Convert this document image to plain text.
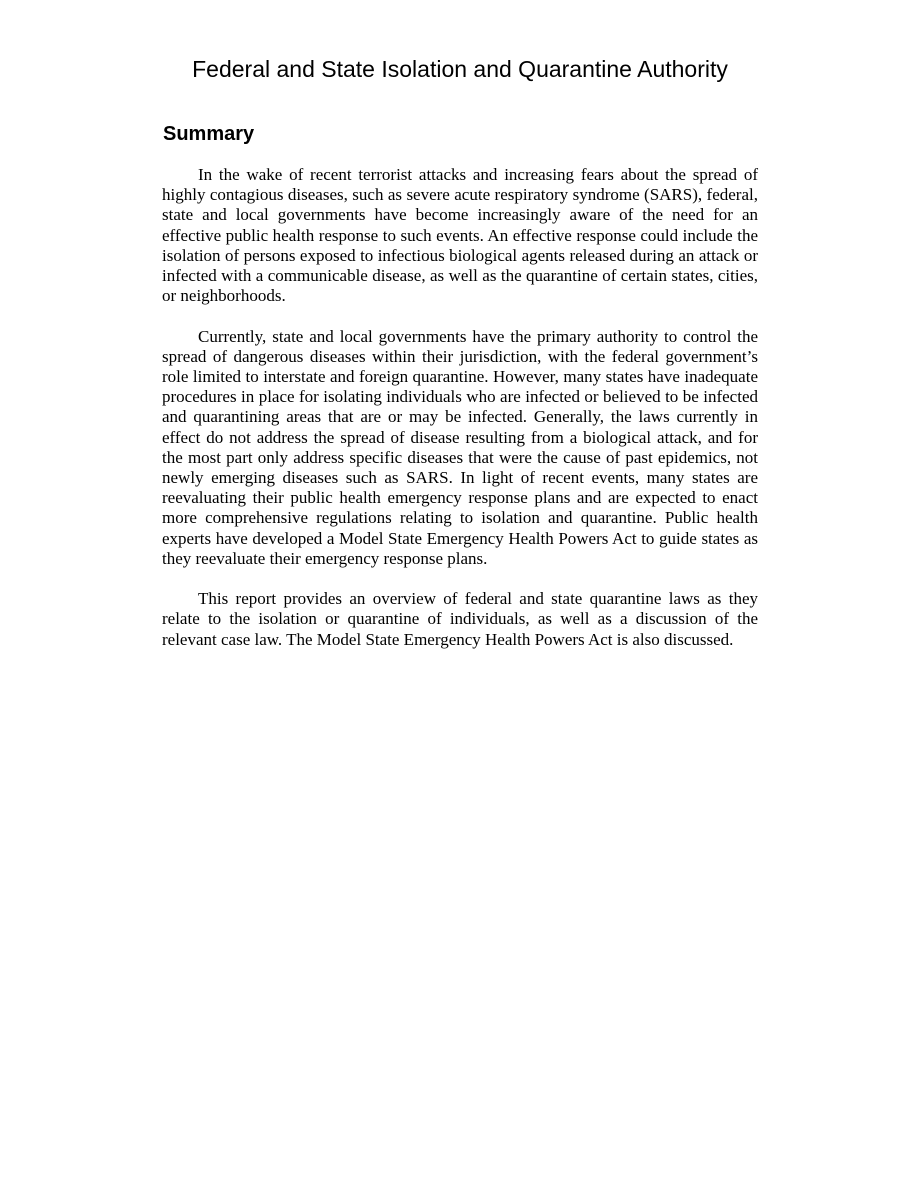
Federal and State Isolation and Quarantine Authority
Summary

In the wake of recent terrorist attacks and increasing fears about the spread of highly contagious diseases, such as severe acute respiratory syndrome (SARS), federal, state and local governments have become increasingly aware of the need for an effective public health response to such events. An effective response could include the isolation of persons exposed to infectious biological agents released during an attack or infected with a communicable disease, as well as the quarantine of certain states, cities, or neighborhoods.

Currently, state and local governments have the primary authority to control the spread of dangerous diseases within their jurisdiction, with the federal government’s role limited to interstate and foreign quarantine. However, many states have inadequate procedures in place for isolating individuals who are infected or believed to be infected and quarantining areas that are or may be infected. Generally, the laws currently in effect do not address the spread of disease resulting from a biological attack, and for the most part only address specific diseases that were the cause of past epidemics, not newly emerging diseases such as SARS. In light of recent events, many states are reevaluating their public health emergency response plans and are expected to enact more comprehensive regulations relating to isolation and quarantine. Public health experts have developed a Model State Emergency Health Powers Act to guide states as they reevaluate their emergency response plans.

This report provides an overview of federal and state quarantine laws as they relate to the isolation or quarantine of individuals, as well as a discussion of the relevant case law. The Model State Emergency Health Powers Act is also discussed.
